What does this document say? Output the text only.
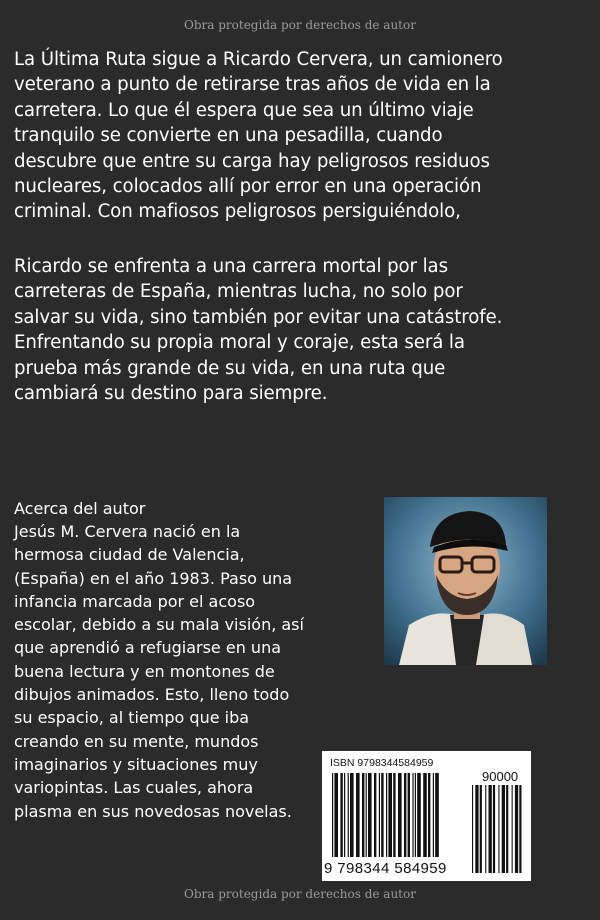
Obra protegida por derechos de autor
La Última Ruta sigue a Ricardo Cervera, un camionero
veterano a punto de retirarse tras años de vida en la
carretera. Lo que él espera que sea un último viaje
tranquilo se convierte en una pesadilla, cuando
descubre que entre su carga hay peligrosos residuos
nucleares, colocados allí por error en una operación
criminal. Con mafiosos peligrosos persiguiéndolo,
Ricardo se enfrenta a una carrera mortal por las
carreteras de España, mientras lucha, no solo por
salvar su vida, sino también por evitar una catástrofe.
Enfrentando su propia moral y coraje, esta será la
prueba más grande de su vida, en una ruta que
cambiará su destino para siempre.
Acerca del autor
Jesús M. Cervera nació en la
hermosa ciudad de Valencia,
(España) en el año 1983. Paso una
infancia marcada por el acoso
escolar, debido a su mala visión, así
que aprendió a refugiarse en una
buena lectura y en montones de
dibujos animados. Esto, lleno todo
su espacio, al tiempo que iba
creando en su mente, mundos
imaginarios y situaciones muy
variopintas. Las cuales, ahora
plasma en sus novedosas novelas.
ISBN 9798344584959
90000
9 798344 584959
Obra protegida por derechos de autor
